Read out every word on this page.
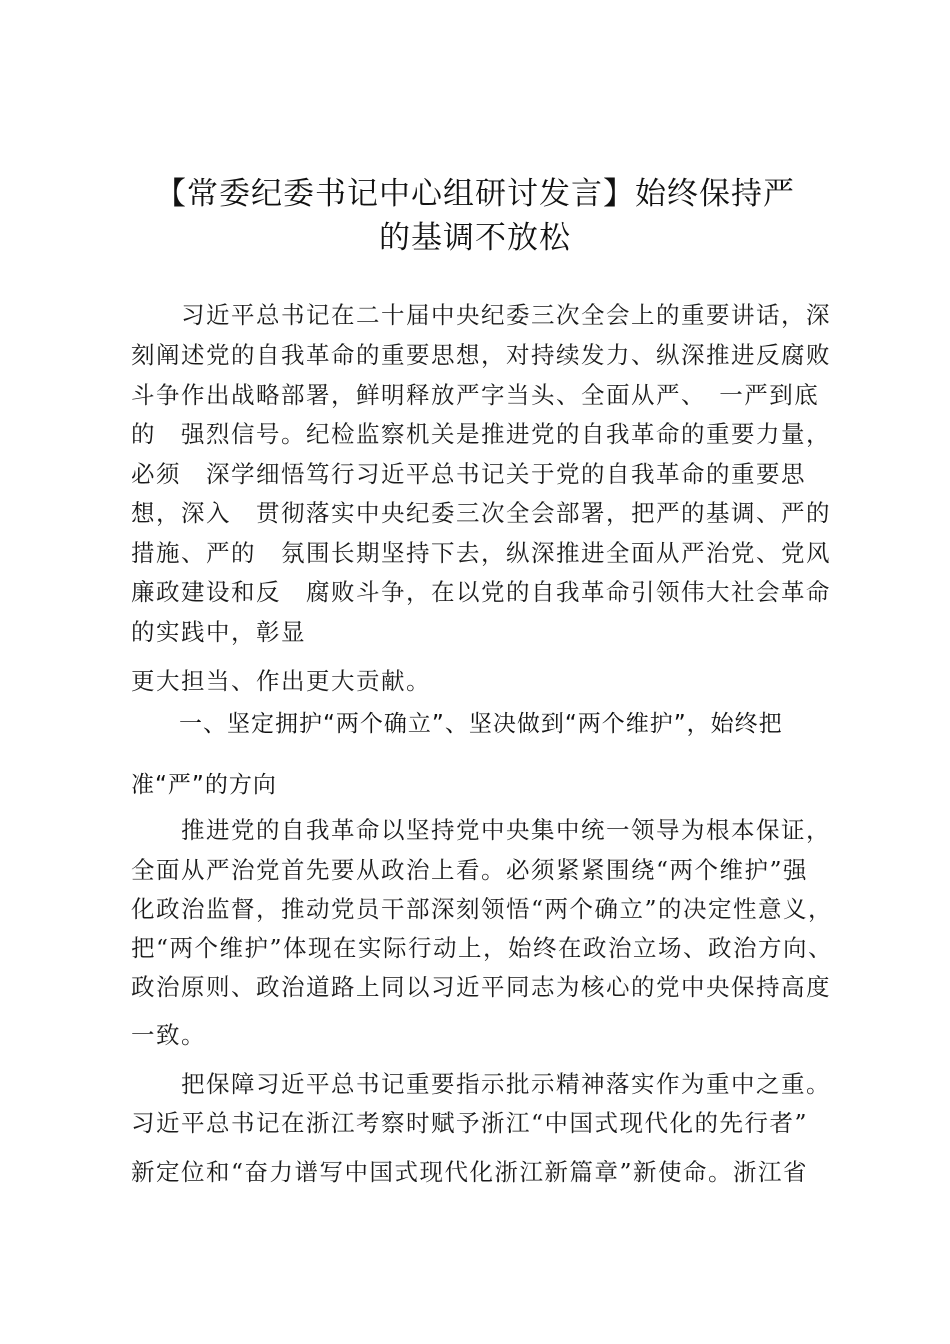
【常委纪委书记中心组研讨发言】始终保持严
的基调不放松

　　习近平总书记在二十届中央纪委三次全会上的重要讲话，深

刻阐述党的自我革命的重要思想，对持续发力、纵深推进反腐败

斗争作出战略部署，鲜明释放严字当头、全面从严、　一严到底

的　强烈信号。纪检监察机关是推进党的自我革命的重要力量，

必须　深学细悟笃行习近平总书记关于党的自我革命的重要思

想，深入　贯彻落实中央纪委三次全会部署，把严的基调、严的

措施、严的　氛围长期坚持下去，纵深推进全面从严治党、党风

廉政建设和反　腐败斗争，在以党的自我革命引领伟大社会革命

的实践中，彰显

更大担当、作出更大贡献。

　　一、坚定拥护“两个确立”、坚决做到“两个维护”，始终把

准“严”的方向

　　推进党的自我革命以坚持党中央集中统一领导为根本保证，

全面从严治党首先要从政治上看。必须紧紧围绕“两个维护”强

化政治监督，推动党员干部深刻领悟“两个确立”的决定性意义，

把“两个维护”体现在实际行动上，始终在政治立场、政治方向、

政治原则、政治道路上同以习近平同志为核心的党中央保持高度

一致。

　　把保障习近平总书记重要指示批示精神落实作为重中之重。

习近平总书记在浙江考察时赋予浙江“中国式现代化的先行者”

新定位和“奋力谱写中国式现代化浙江新篇章”新使命。浙江省
